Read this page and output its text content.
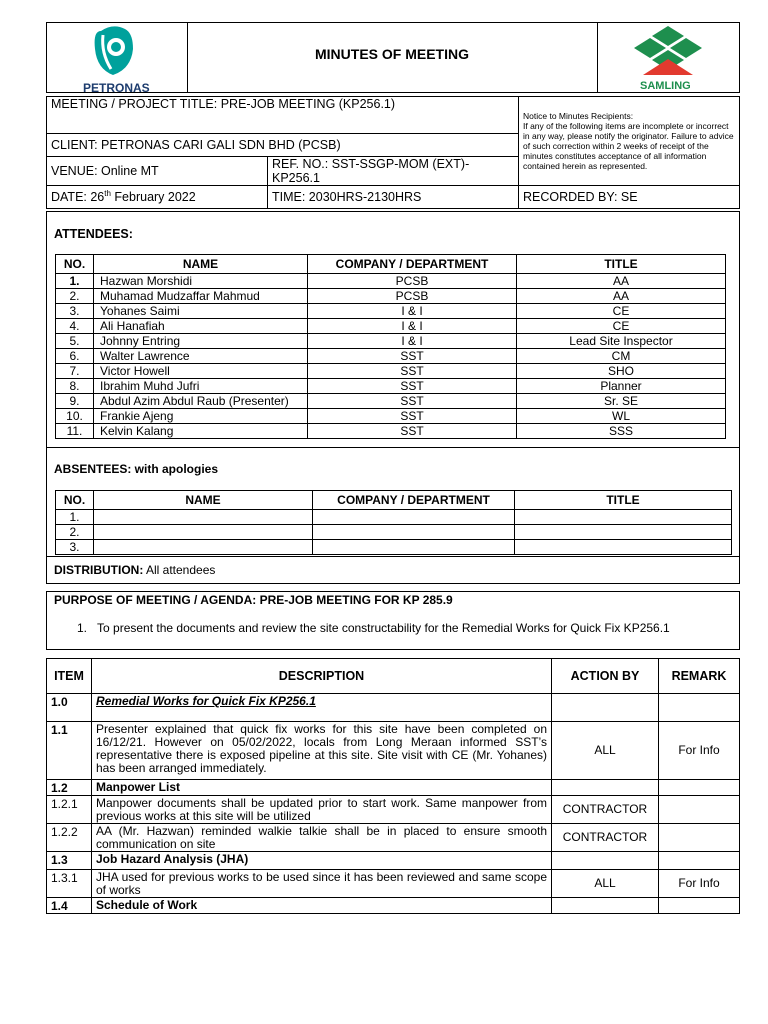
PETRONAS
MINUTES OF MEETING
SAMLING
MEETING / PROJECT TITLE: PRE-JOB MEETING (KP256.1)		Notice to Minutes Recipients:
If any of the following items are incomplete or incorrect in any way, please notify the originator. Failure to advice of such correction within 2 weeks of receipt of the minutes constitutes acceptance of all information contained herein as represented.

CLIENT: PETRONAS CARI GALI SDN BHD (PCSB)		
VENUE: Online MT	REF. NO.: SST-SSGP-MOM (EXT)-KP256.1	

DATE: 26th February 2022	TIME: 2030HRS-2130HRS	RECORDED BY: SE
ATTENDEES:
NO.	NAME	COMPANY / DEPARTMENT	TITLE
1.	Hazwan Morshidi	PCSB	AA
2.	Muhamad Mudzaffar Mahmud	PCSB	AA
3.	Yohanes Saimi	I & I	CE
4.	Ali Hanafiah	I & I	CE
5.	Johnny Entring	I & I	Lead Site Inspector
6.	Walter Lawrence	SST	CM
7.	Victor Howell	SST	SHO
8.	Ibrahim Muhd Jufri	SST	Planner
9.	Abdul Azim Abdul Raub (Presenter)	SST	Sr. SE
10.	Frankie Ajeng	SST	WL
11.	Kelvin Kalang	SST	SSS
ABSENTEES: with apologies
NO.	NAME	COMPANY / DEPARTMENT	TITLE
1.			
2.			
3.			
DISTRIBUTION: All attendees
PURPOSE OF MEETING / AGENDA: PRE-JOB MEETING FOR KP 285.9
1.   To present the documents and review the site constructability for the Remedial Works for Quick Fix KP256.1
ITEM	DESCRIPTION	ACTION BY	REMARK
1.0	Remedial Works for Quick Fix KP256.1		
1.1	Presenter explained that quick fix works for this site have been completed on 16/12/21. However on 05/02/2022, locals from Long Meraan informed SST’s representative there is exposed pipeline at this site. Site visit with CE (Mr. Yohanes) has been arranged immediately.	ALL	For Info
1.2	Manpower List		
1.2.1	Manpower documents shall be updated prior to start work. Same manpower from previous works at this site will be utilized	CONTRACTOR	
1.2.2	AA (Mr. Hazwan) reminded walkie talkie shall be in placed to ensure smooth communication on site	CONTRACTOR	
1.3	Job Hazard Analysis (JHA)		
1.3.1	JHA used for previous works to be used since it has been reviewed and same scope of works	ALL	For Info
1.4	Schedule of Work		
